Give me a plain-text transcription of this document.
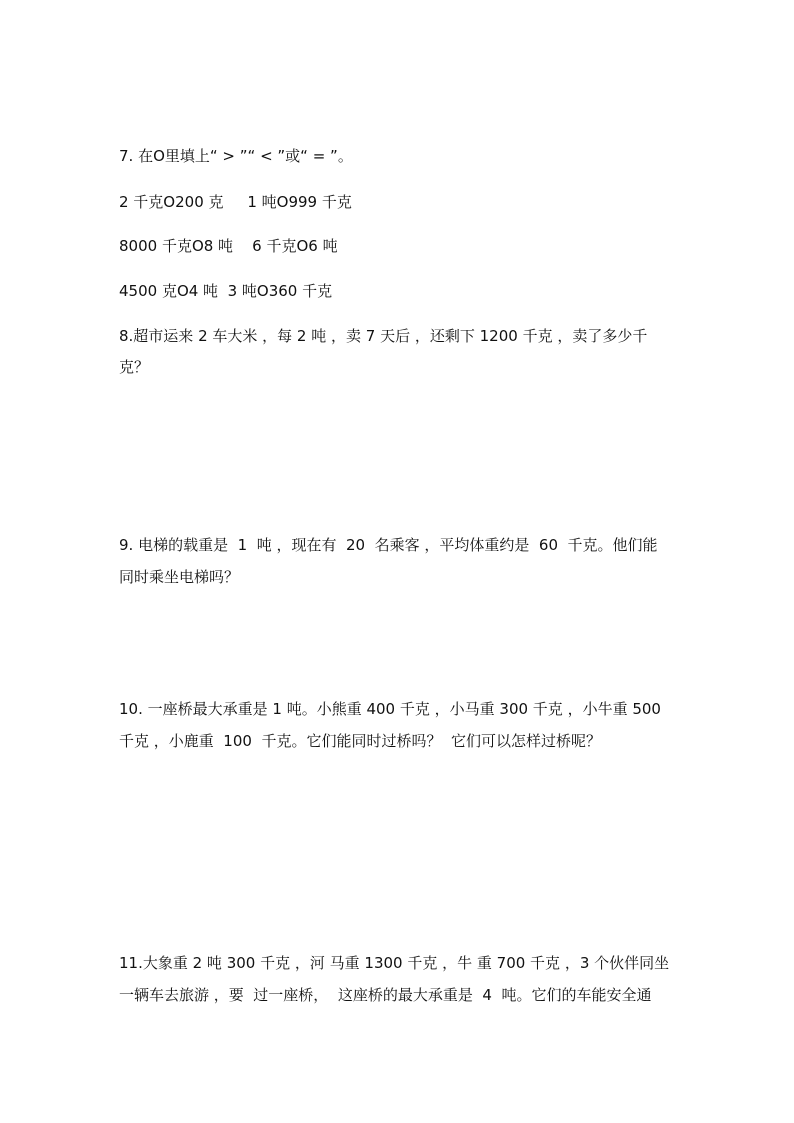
7. 在O里填上“ > ”“ < ”或“ = ”。

2 千克O200 克     1 吨O999 千克

8000 千克O8 吨    6 千克O6 吨

4500 克O4 吨  3 吨O360 千克

8.超市运来 2 车大米 ，每 2 吨 ，卖 7 天后 ，还剩下 1200 千克 ，卖了多少千

克？

9. 电梯的载重是  1  吨 ，现在有  20  名乘客 ，平均体重约是  60  千克。他们能

同时乘坐电梯吗？

10. 一座桥最大承重是 1 吨。小熊重 400 千克 ，小马重 300 千克 ，小牛重 500

千克 ，小鹿重  100  千克。它们能同时过桥吗？  它们可以怎样过桥呢？

11.大象重 2 吨 300 千克 ，河 马重 1300 千克 ，牛 重 700 千克 ，3 个伙伴同坐

一辆车去旅游 ，要  过一座桥，  这座桥的最大承重是  4  吨。它们的车能安全通
